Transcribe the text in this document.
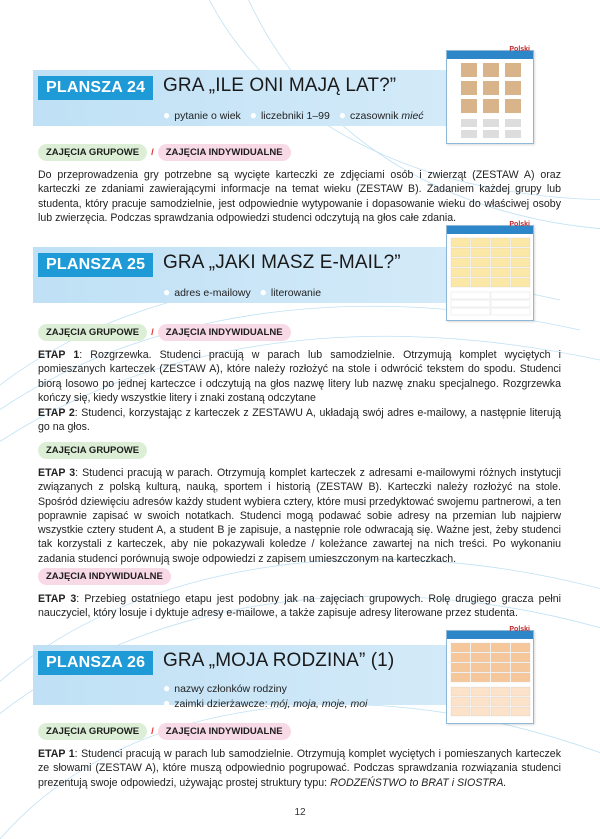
PLANSZA 24 GRA „ILE ONI MAJĄ LAT?”
● pytanie o wiek ● liczebniki 1–99 ● czasownik mieć
Polski
ZAJĘCIA GRUPOWE / ZAJĘCIA INDYWIDUALNE
Do przeprowadzenia gry potrzebne są wycięte karteczki ze zdjęciami osób i zwierząt (ZESTAW A) oraz karteczki ze zdaniami zawierającymi informacje na temat wieku (ZESTAW B). Zadaniem każdej grupy lub studenta, który pracuje samodzielnie, jest odpowiednie wytypowanie i dopasowanie wieku do właściwej osoby lub zwierzęcia. Podczas sprawdzania odpowiedzi studenci odczytują na głos całe zdania.
PLANSZA 25 GRA „JAKI MASZ E-MAIL?”
● adres e-mailowy ● literowanie
Polski
ZAJĘCIA GRUPOWE / ZAJĘCIA INDYWIDUALNE
ETAP 1: Rozgrzewka. Studenci pracują w parach lub samodzielnie. Otrzymują komplet wyciętych i pomieszanych karteczek (ZESTAW A), które należy rozłożyć na stole i odwrócić tekstem do spodu. Studenci biorą losowo po jednej karteczce i odczytują na głos nazwę litery lub nazwę znaku specjalnego. Rozgrzewka kończy się, kiedy wszystkie litery i znaki zostaną odczytane
ETAP 2: Studenci, korzystając z karteczek z ZESTAWU A, układają swój adres e-mailowy, a następnie literują go na głos.
ZAJĘCIA GRUPOWE
ETAP 3: Studenci pracują w parach. Otrzymują komplet karteczek z adresami e-mailowymi różnych instytucji związanych z polską kulturą, nauką, sportem i historią (ZESTAW B). Karteczki należy rozłożyć na stole. Spośród dziewięciu adresów każdy student wybiera cztery, które musi przedyktować swojemu partnerowi, a ten poprawnie zapisać w swoich notatkach. Studenci mogą podawać sobie adresy na przemian lub najpierw wszystkie cztery student A, a student B je zapisuje, a następnie role odwracają się. Ważne jest, żeby studenci tak korzystali z karteczek, aby nie pokazywali koledze / koleżance zawartej na nich treści. Po wykonaniu zadania studenci porównują swoje odpowiedzi z zapisem umieszczonym na karteczkach.
ZAJĘCIA INDYWIDUALNE
ETAP 3: Przebieg ostatniego etapu jest podobny jak na zajęciach grupowych. Rolę drugiego gracza pełni nauczyciel, który losuje i dyktuje adresy e-mailowe, a także zapisuje adresy literowane przez studenta.
PLANSZA 26 GRA „MOJA RODZINA” (1)
● nazwy członków rodziny
● zaimki dzierżawcze: mój, moja, moje, moi
Polski
ZAJĘCIA GRUPOWE / ZAJĘCIA INDYWIDUALNE
ETAP 1: Studenci pracują w parach lub samodzielnie. Otrzymują komplet wyciętych i pomieszanych karteczek ze słowami (ZESTAW A), które muszą odpowiednio pogrupować. Podczas sprawdzania rozwiązania studenci prezentują swoje odpowiedzi, używając prostej struktury typu: RODZEŃSTWO to BRAT i SIOSTRA.
12
